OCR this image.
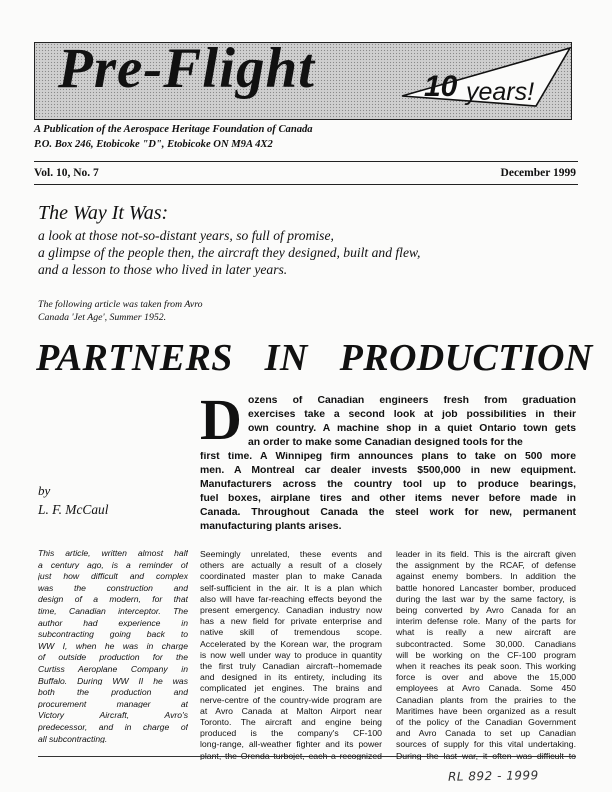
Pre-Flight	10 years!
A Publication of the Aerospace Heritage Foundation of Canada
P.O. Box 246, Etobicoke "D", Etobicoke ON M9A 4X2
Vol. 10, No. 7	December 1999
The Way It Was:
a look at those not-so-distant years, so full of promise,
a glimpse of the people then, the aircraft they designed, built and flew,
and a lesson to those who lived in later years.
The following article was taken from Avro
Canada 'Jet Age', Summer 1952.
PARTNERS IN PRODUCTION
by
L. F. McCaul
D ozens of Canadian engineers fresh from graduation
exercises take a second look at job possibilities in their
own country. A machine shop in a quiet Ontario town gets
an order to make some Canadian designed tools for the
first time. A Winnipeg firm announces plans to take on 500 more
men. A Montreal car dealer invests $500,000 in new equipment.
Manufacturers across the country tool up to produce bearings,
fuel boxes, airplane tires and other items never before made in
Canada. Throughout Canada the steel work for new, permanent
manufacturing plants arises.
This article, written almost half
a century ago, is a reminder of
just how difficult and complex
was the construction and
design of a modern, for that
time, Canadian interceptor. The
author had experience in
subcontracting going back to
WW I, when he was in charge
of outside production for the
Curtiss Aeroplane Company in
Buffalo. During WW II he was
both the production and
procurement manager at
Victory Aircraft, Avro's
predecessor, and in charge of
all subcontracting.
Seemingly unrelated, these events and
others are actually a result of a closely
coordinated master plan to make Canada
self-sufficient in the air. It is a plan which
also will have far-reaching effects beyond the
present emergency. Canadian industry now
has a new field for private enterprise and
native skill of tremendous scope.
Accelerated by the Korean war, the program
is now well under way to produce in quantity
the first truly Canadian aircraft--homemade
and designed in its entirety, including its
complicated jet engines. The brains and
nerve-centre of the country-wide program are
at Avro Canada at Malton Airport near
Toronto. The aircraft and engine being
produced is the company's CF-100
long-range, all-weather fighter and its power
plant, the Orenda turbojet, each a recognized
leader in its field. This is the aircraft given
the assignment by the RCAF, of defense
against enemy bombers. In addition the
battle honored Lancaster bomber, produced
during the last war by the same factory, is
being converted by Avro Canada for an
interim defense role. Many of the parts for
what is really a new aircraft are
subcontracted. Some 30,000. Canadians
will be working on the CF-100 program
when it reaches its peak soon. This working
force is over and above the 15,000
employees at Avro Canada. Some 450
Canadian plants from the prairies to the
Maritimes have been organized as a result
of the policy of the Canadian Government
and Avro Canada to set up Canadian
sources of supply for this vital undertaking.
During the last war, it often was difficult to
RL 892 - 1999
